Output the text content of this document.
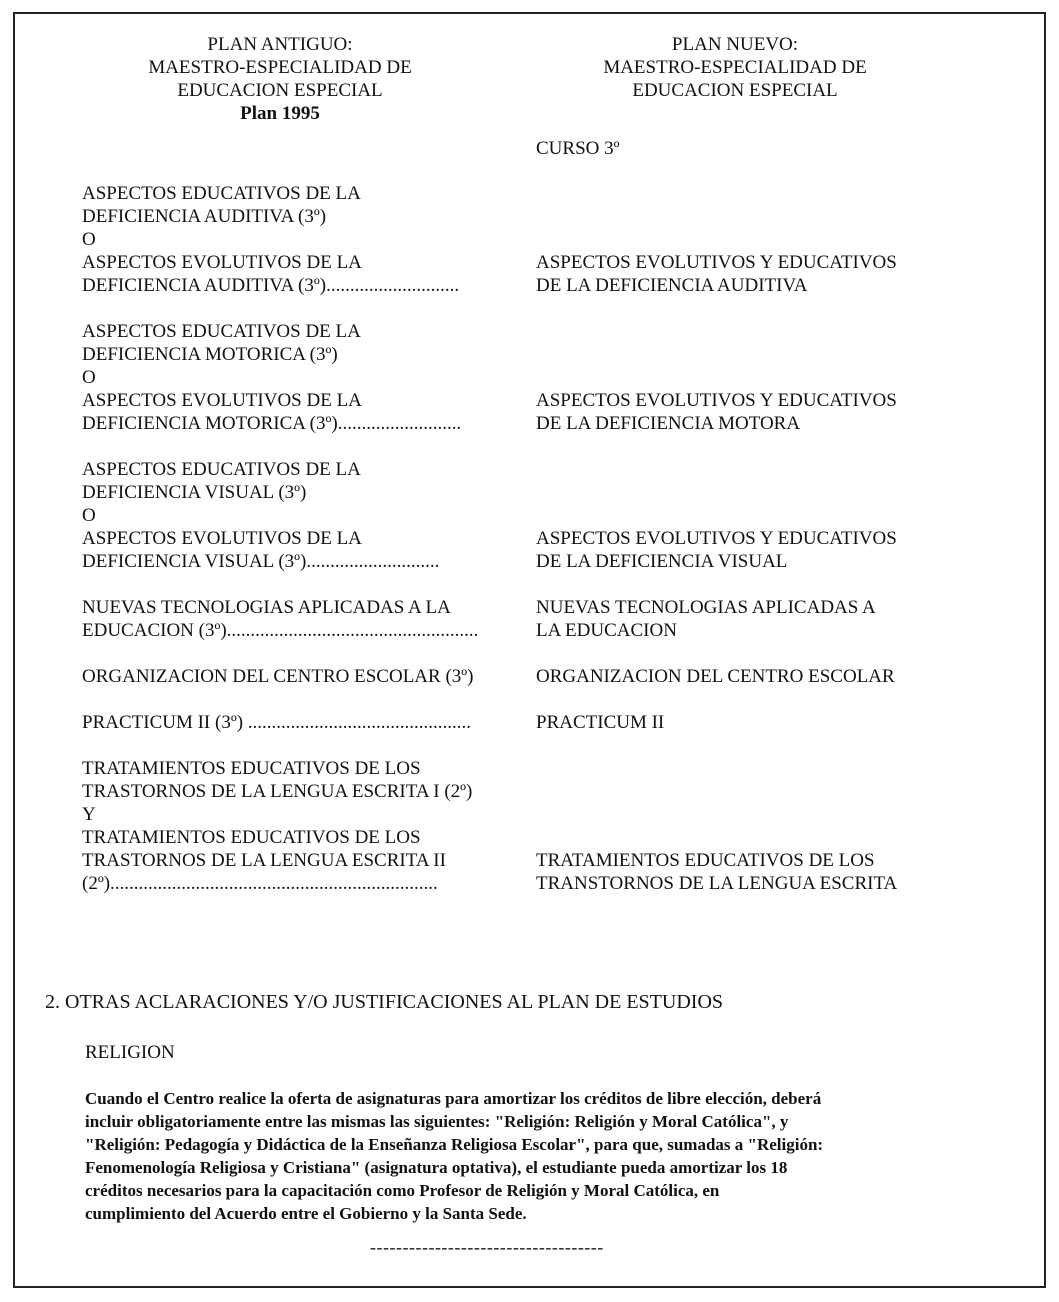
PLAN ANTIGUO:
MAESTRO-ESPECIALIDAD DE
EDUCACION ESPECIAL
Plan 1995
PLAN NUEVO:
MAESTRO-ESPECIALIDAD DE
EDUCACION ESPECIAL
CURSO 3º
ASPECTOS EDUCATIVOS DE LA
DEFICIENCIA AUDITIVA (3º)
O
ASPECTOS EVOLUTIVOS DE LA
DEFICIENCIA AUDITIVA (3º)............................
ASPECTOS EVOLUTIVOS Y EDUCATIVOS
DE LA DEFICIENCIA AUDITIVA
ASPECTOS EDUCATIVOS DE LA
DEFICIENCIA MOTORICA (3º)
O
ASPECTOS EVOLUTIVOS DE LA
DEFICIENCIA MOTORICA (3º)..........................
ASPECTOS EVOLUTIVOS Y EDUCATIVOS
DE LA DEFICIENCIA MOTORA
ASPECTOS EDUCATIVOS DE LA
DEFICIENCIA VISUAL (3º)
O
ASPECTOS EVOLUTIVOS DE LA
DEFICIENCIA VISUAL (3º)............................
ASPECTOS EVOLUTIVOS Y EDUCATIVOS
DE LA DEFICIENCIA VISUAL
NUEVAS TECNOLOGIAS APLICADAS A LA
EDUCACION (3º).....................................................
NUEVAS TECNOLOGIAS APLICADAS A
LA EDUCACION
ORGANIZACION DEL CENTRO ESCOLAR (3º)	ORGANIZACION DEL CENTRO ESCOLAR
PRACTICUM II (3º) ...............................................	PRACTICUM II
TRATAMIENTOS EDUCATIVOS DE LOS
TRASTORNOS DE LA LENGUA ESCRITA I (2º)
Y
TRATAMIENTOS EDUCATIVOS DE LOS
TRASTORNOS DE LA LENGUA ESCRITA II
(2º).....................................................................
TRATAMIENTOS EDUCATIVOS DE LOS
TRANSTORNOS DE LA LENGUA ESCRITA
2. OTRAS ACLARACIONES Y/O JUSTIFICACIONES AL PLAN DE ESTUDIOS
RELIGION
Cuando el Centro realice la oferta de asignaturas para amortizar los créditos de libre elección, deberá
incluir obligatoriamente entre las mismas las siguientes: "Religión: Religión y Moral Católica", y
"Religión: Pedagogía y Didáctica de la Enseñanza Religiosa Escolar", para que, sumadas a "Religión:
Fenomenología Religiosa y Cristiana" (asignatura optativa), el estudiante pueda amortizar los 18
créditos necesarios para la capacitación como Profesor de Religión y Moral Católica, en
cumplimiento del Acuerdo entre el Gobierno y la Santa Sede.
------------------------------------
